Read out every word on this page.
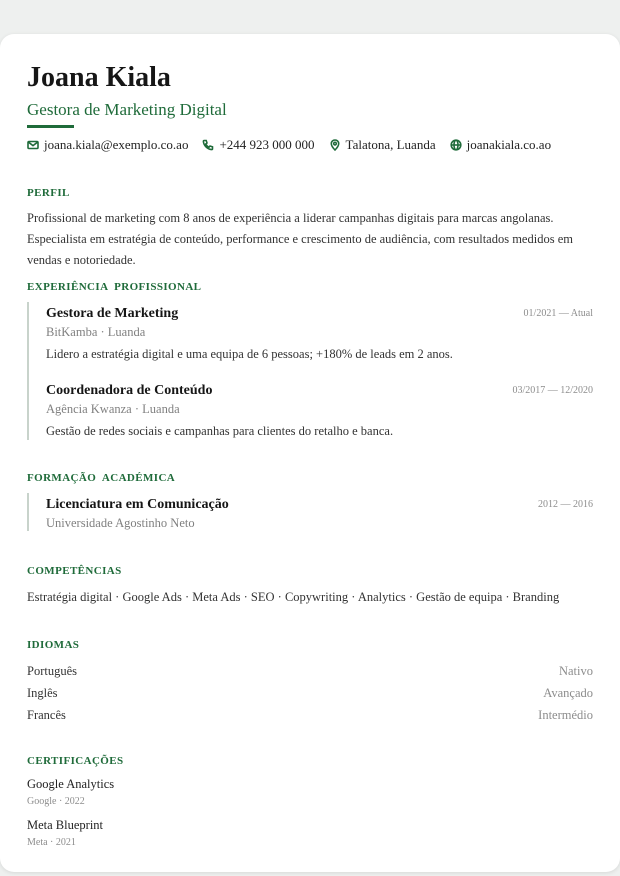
Joana Kiala
Gestora de Marketing Digital
joana.kiala@exemplo.co.ao +244 923 000 000 Talatona, Luanda joanakiala.co.ao
PERFIL
Profissional de marketing com 8 anos de experiência a liderar campanhas digitais para marcas angolanas. Especialista em estratégia de conteúdo, performance e crescimento de audiência, com resultados medidos em vendas e notoriedade.
EXPERIÊNCIA  PROFISSIONAL
Gestora de Marketing	01/2021 — Atual
BitKamba · Luanda
Lidero a estratégia digital e uma equipa de 6 pessoas; +180% de leads em 2 anos.
Coordenadora de Conteúdo	03/2017 — 12/2020
Agência Kwanza · Luanda
Gestão de redes sociais e campanhas para clientes do retalho e banca.
FORMAÇÃO  ACADÉMICA
Licenciatura em Comunicação	2012 — 2016
Universidade Agostinho Neto
COMPETÊNCIAS
Estratégia digital · Google Ads · Meta Ads · SEO · Copywriting · Analytics · Gestão de equipa · Branding
IDIOMAS
Português	Nativo
Inglês	Avançado
Francês	Intermédio
CERTIFICAÇÕES
Google Analytics
Google · 2022
Meta Blueprint
Meta · 2021
